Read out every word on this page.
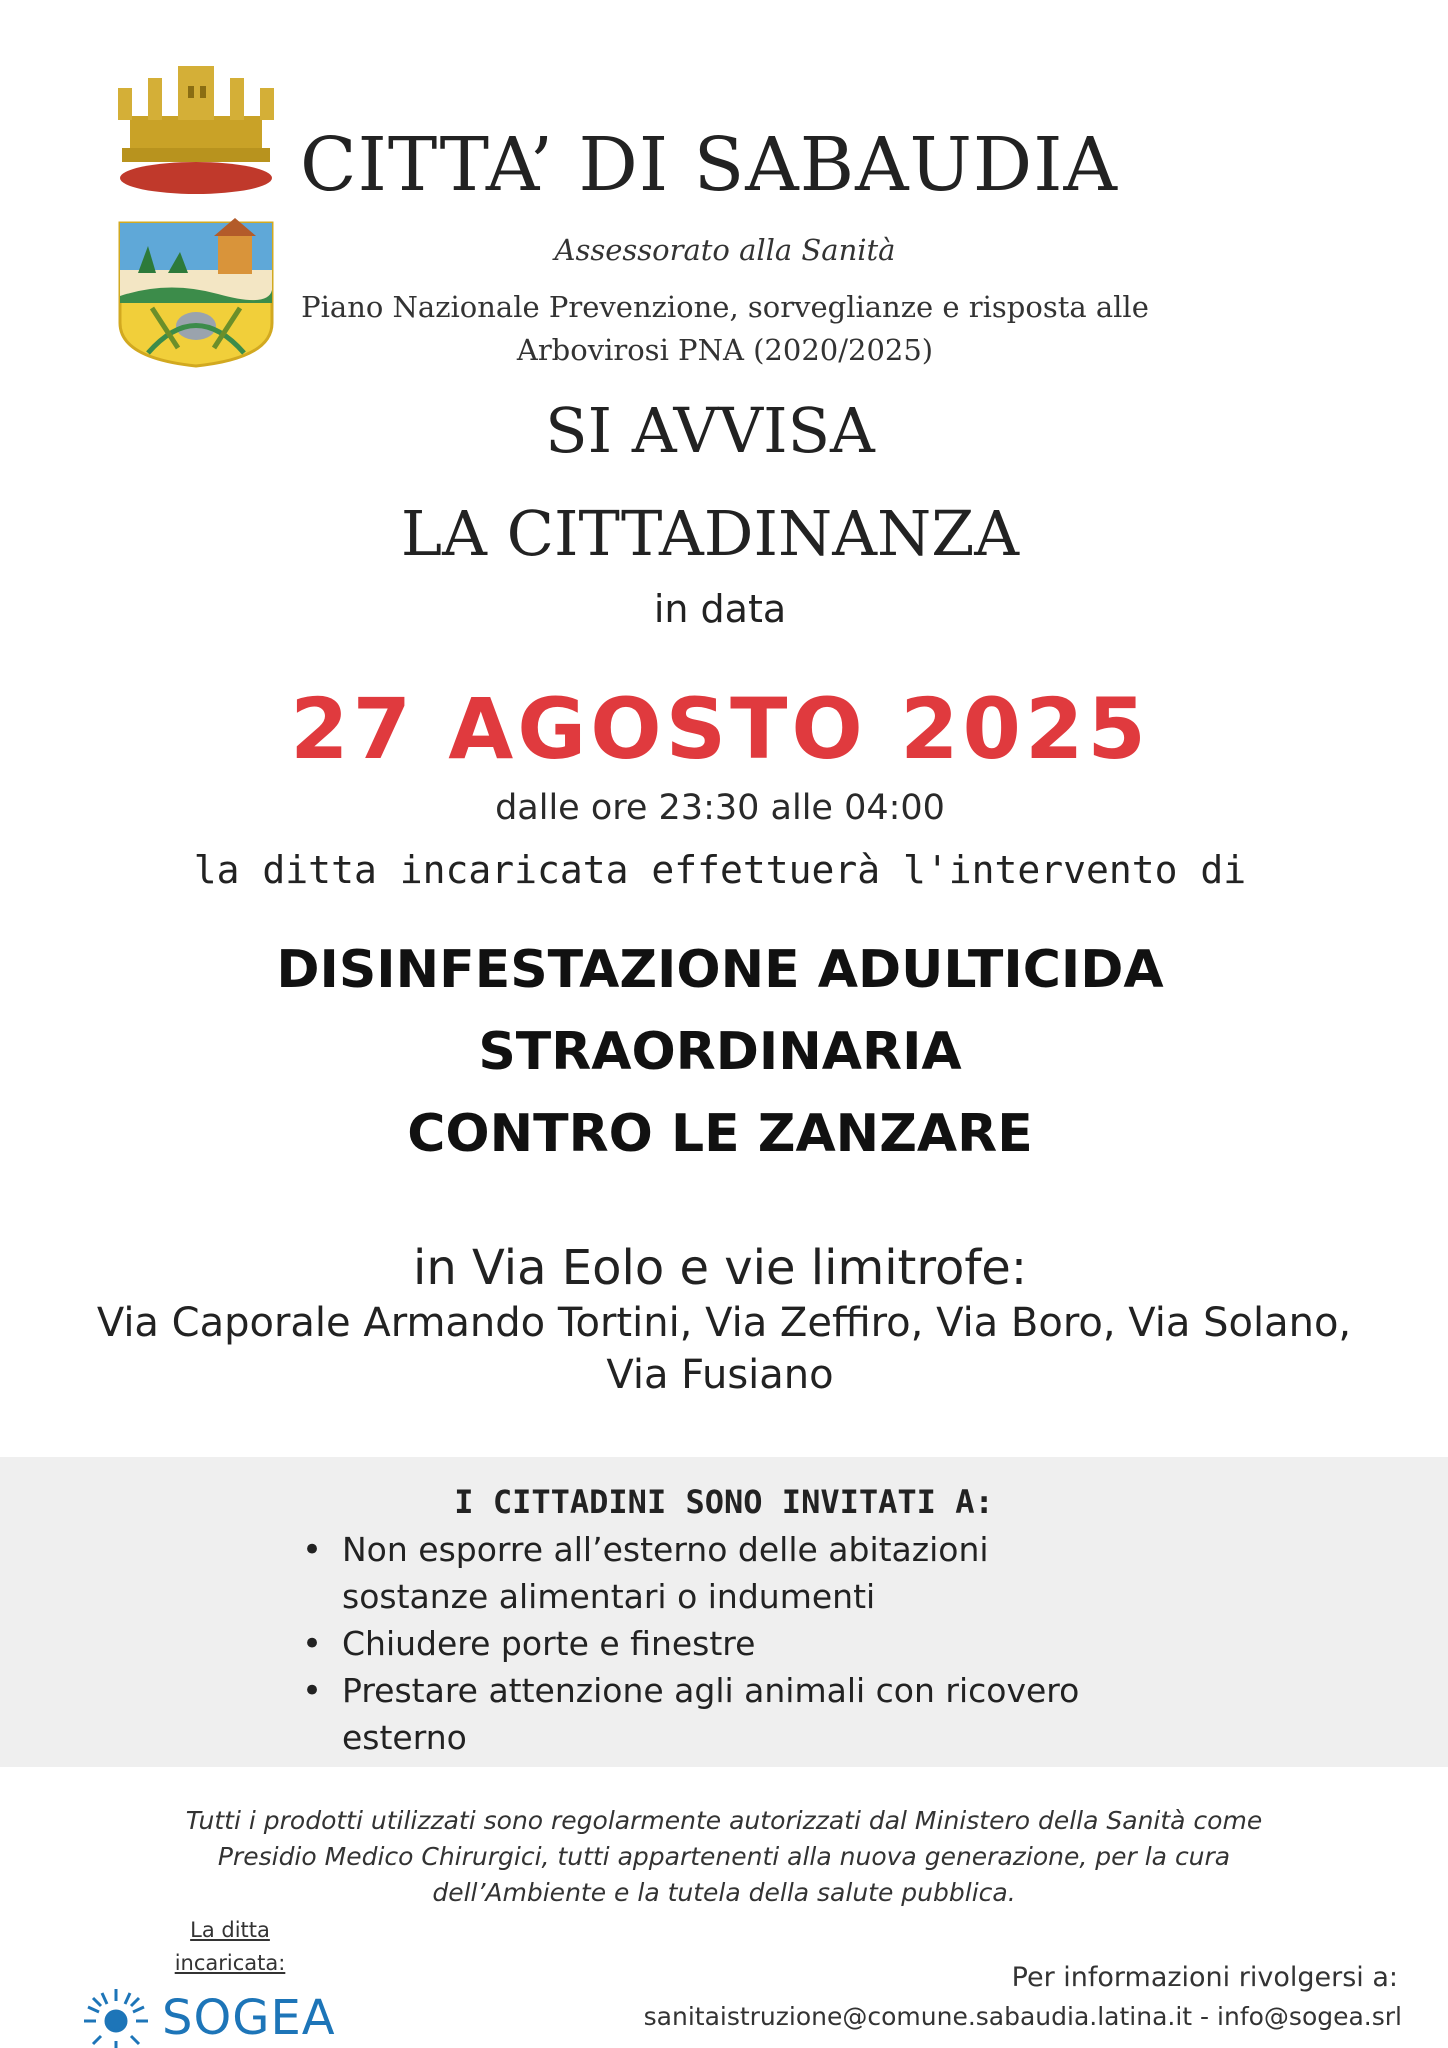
CITTA’ DI SABAUDIA
Assessorato alla Sanità
Piano Nazionale Prevenzione, sorveglianze e risposta alle
Arbovirosi PNA (2020/2025)
SI AVVISA
LA CITTADINANZA
in data
27 AGOSTO 2025
dalle ore 23:30 alle 04:00
la ditta incaricata effettuerà l'intervento di
DISINFESTAZIONE ADULTICIDA
STRAORDINARIA
CONTRO LE ZANZARE
in Via Eolo e vie limitrofe:
Via Caporale Armando Tortini, Via Zeffiro, Via Boro, Via Solano,
Via Fusiano
I CITTADINI SONO INVITATI A:
• Non esporre all’esterno delle abitazioni
sostanze alimentari o indumenti
• Chiudere porte e finestre
• Prestare attenzione agli animali con ricovero
esterno
Tutti i prodotti utilizzati sono regolarmente autorizzati dal Ministero della Sanità come
Presidio Medico Chirurgici, tutti appartenenti alla nuova generazione, per la cura
dell’Ambiente e la tutela della salute pubblica.
La ditta
incaricata:
SOGEA
Per informazioni rivolgersi a:
sanitaistruzione@comune.sabaudia.latina.it - info@sogea.srl
